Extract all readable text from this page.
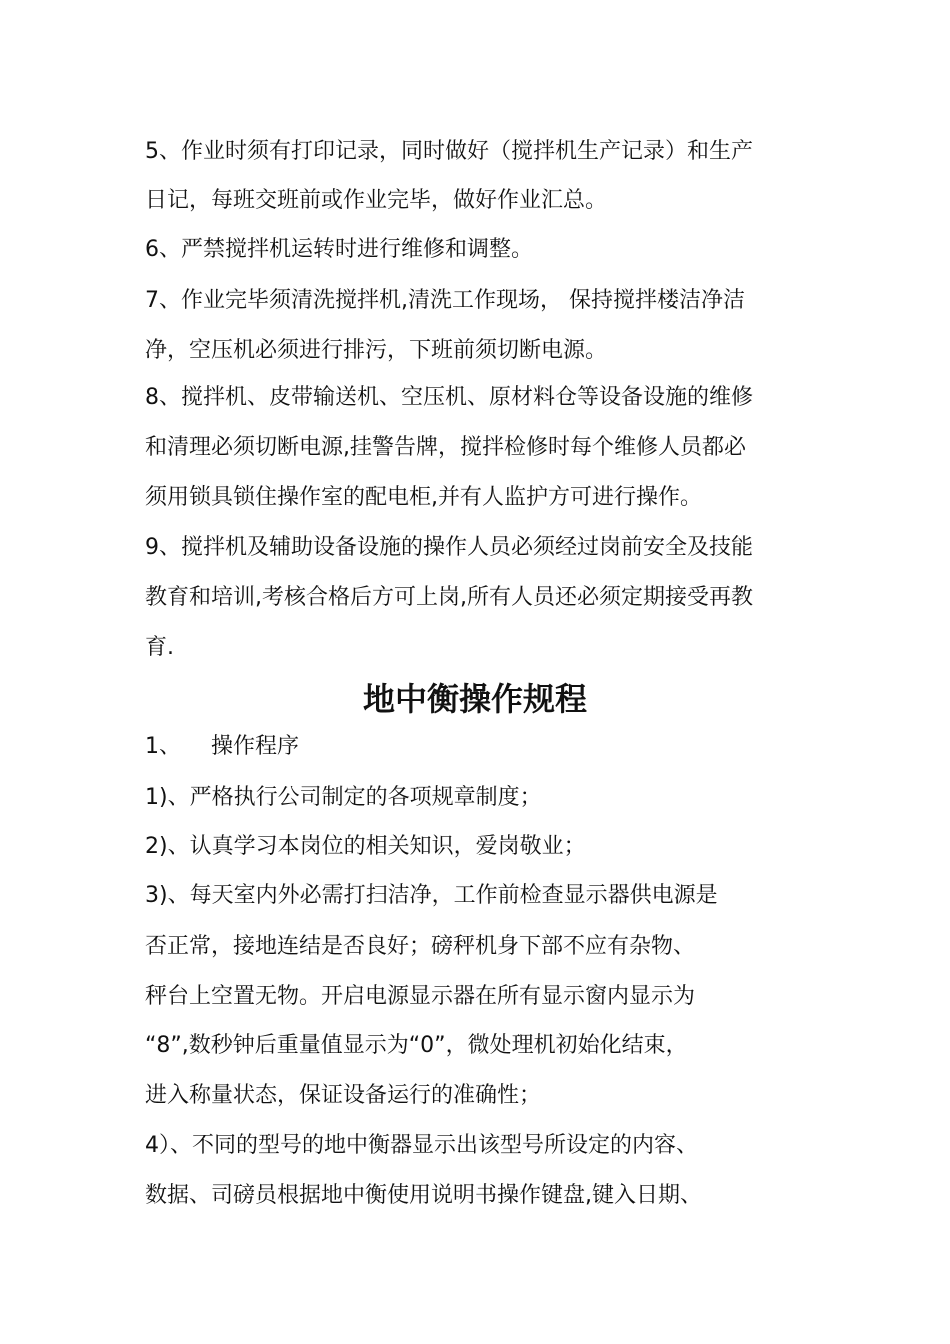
5、作业时须有打印记录，同时做好（搅拌机生产记录）和生产
日记，每班交班前或作业完毕，做好作业汇总。
6、严禁搅拌机运转时进行维修和调整。
7、作业完毕须清洗搅拌机,清洗工作现场， 保持搅拌楼洁净洁
净，空压机必须进行排污，下班前须切断电源。
8、搅拌机、皮带输送机、空压机、原材料仓等设备设施的维修
和清理必须切断电源,挂警告牌，搅拌检修时每个维修人员都必
须用锁具锁住操作室的配电柜,并有人监护方可进行操作。
9、搅拌机及辅助设备设施的操作人员必须经过岗前安全及技能
教育和培训,考核合格后方可上岗,所有人员还必须定期接受再教
育.
地中衡操作规程
1、 操作程序
1)、严格执行公司制定的各项规章制度；
2)、认真学习本岗位的相关知识，爱岗敬业；
3)、每天室内外必需打扫洁净，工作前检查显示器供电源是
否正常，接地连结是否良好；磅秤机身下部不应有杂物、
秤台上空置无物。开启电源显示器在所有显示窗内显示为
“8”,数秒钟后重量值显示为“0”，微处理机初始化结束，
进入称量状态，保证设备运行的准确性；
4）、不同的型号的地中衡器显示出该型号所设定的内容、
数据、司磅员根据地中衡使用说明书操作键盘,键入日期、
